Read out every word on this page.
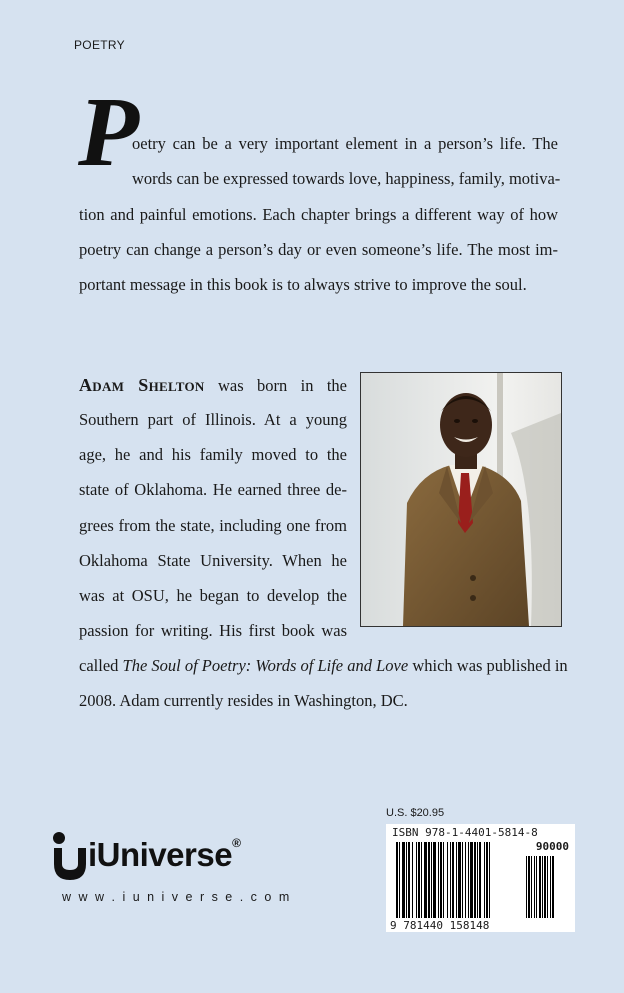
POETRY
P
oetry can be a very important element in a person’s life. The
words can be expressed towards love, happiness, family, motiva-
tion and painful emotions. Each chapter brings a different way of how
poetry can change a person’s day or even someone’s life. The most im-
portant message in this book is to always strive to improve the soul.
Adam Shelton was born in the
Southern part of Illinois. At a young
age, he and his family moved to the
state of Oklahoma. He earned three de-
grees from the state, including one from
Oklahoma State University. When he
was at OSU, he began to develop the
passion for writing. His first book was
called The Soul of Poetry: Words of Life and Love which was published in
2008. Adam currently resides in Washington, DC.
U.S. $20.95
ISBN 978-1-4401-5814-8
90000
9 781440 158148
iUniverse®
w w w . i u n i v e r s e . c o m
